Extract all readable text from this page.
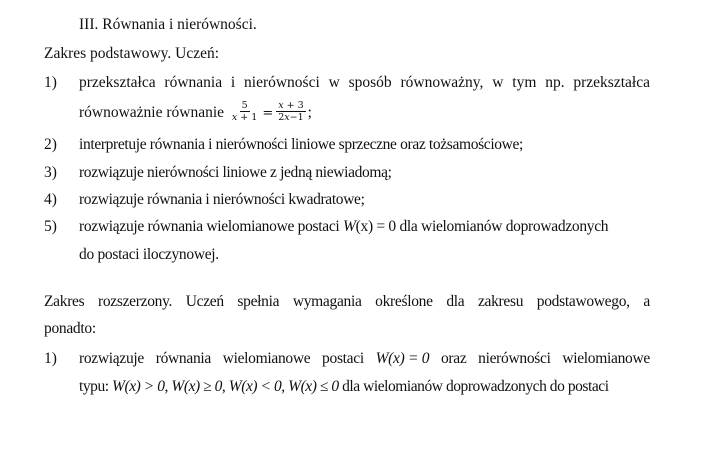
III. Równania i nierówności.
Zakres podstawowy. Uczeń:
1) przekształca równania i nierówności w sposób równoważny, w tym np. przekształca
równoważnie równanie $\frac{5}{x + 1} = \frac{x + 3}{2x-1}$ ;
2) interpretuje równania i nierówności liniowe sprzeczne oraz tożsamościowe;
3) rozwiązuje nierówności liniowe z jedną niewiadomą;
4) rozwiązuje równania i nierówności kwadratowe;
5) rozwiązuje równania wielomianowe postaci W(x) = 0 dla wielomianów doprowadzonych
do postaci iloczynowej.
Zakres rozszerzony. Uczeń spełnia wymagania określone dla zakresu podstawowego, a
ponadto:
1) rozwiązuje równania wielomianowe postaci W(x) = 0 oraz nierówności wielomianowe
typu: W(x) > 0, W(x) ≥ 0, W(x) < 0, W(x) ≤ 0 dla wielomianów doprowadzonych do postaci
